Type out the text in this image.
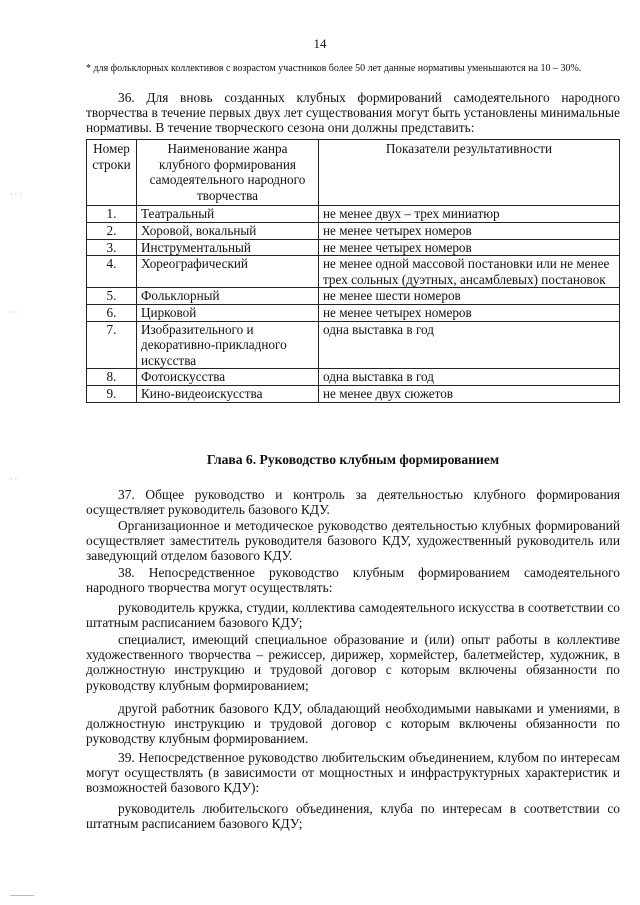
14
* для фольклорных коллективов с возрастом участников более 50 лет данные нормативы уменьшаются на 10 – 30%.
36. Для вновь созданных клубных формирований самодеятельного народного творчества в течение первых двух лет существования могут быть установлены минимальные нормативы. В течение творческого сезона они должны представить:
Номер строки	Наименование жанра клубного формирования самодеятельного народного творчества	Показатели результативности
1.	Театральный	не менее двух – трех миниатюр
2.	Хоровой, вокальный	не менее четырех номеров
3.	Инструментальный	не менее четырех номеров
4.	Хореографический	не менее одной массовой постановки или не менее трех сольных (дуэтных, ансамблевых) постановок
5.	Фольклорный	не менее шести номеров
6.	Цирковой	не менее четырех номеров
7.	Изобразительного и декоративно-прикладного искусства	одна выставка в год
8.	Фотоискусства	одна выставка в год
9.	Кино-видеоискусства	не менее двух сюжетов
Глава 6. Руководство клубным формированием
37. Общее руководство и контроль за деятельностью клубного формирования осуществляет руководитель базового КДУ.
Организационное и методическое руководство деятельностью клубных формирований осуществляет заместитель руководителя базового КДУ, художественный руководитель или заведующий отделом базового КДУ.
38. Непосредственное руководство клубным формированием самодеятельного народного творчества могут осуществлять:
руководитель кружка, студии, коллектива самодеятельного искусства в соответствии со штатным расписанием базового КДУ;
специалист, имеющий специальное образование и (или) опыт работы в коллективе художественного творчества – режиссер, дирижер, хормейстер, балетмейстер, художник, в должностную инструкцию и трудовой договор с которым включены обязанности по руководству клубным формированием;
другой работник базового КДУ, обладающий необходимыми навыками и умениями, в должностную инструкцию и трудовой договор с которым включены обязанности по руководству клубным формированием.
39. Непосредственное руководство любительским объединением, клубом по интересам могут осуществлять (в зависимости от мощностных и инфраструктурных характеристик и возможностей базового КДУ):
руководитель любительского объединения, клуба по интересам в соответствии со штатным расписанием базового КДУ;
· · ·
· ·
· ·
